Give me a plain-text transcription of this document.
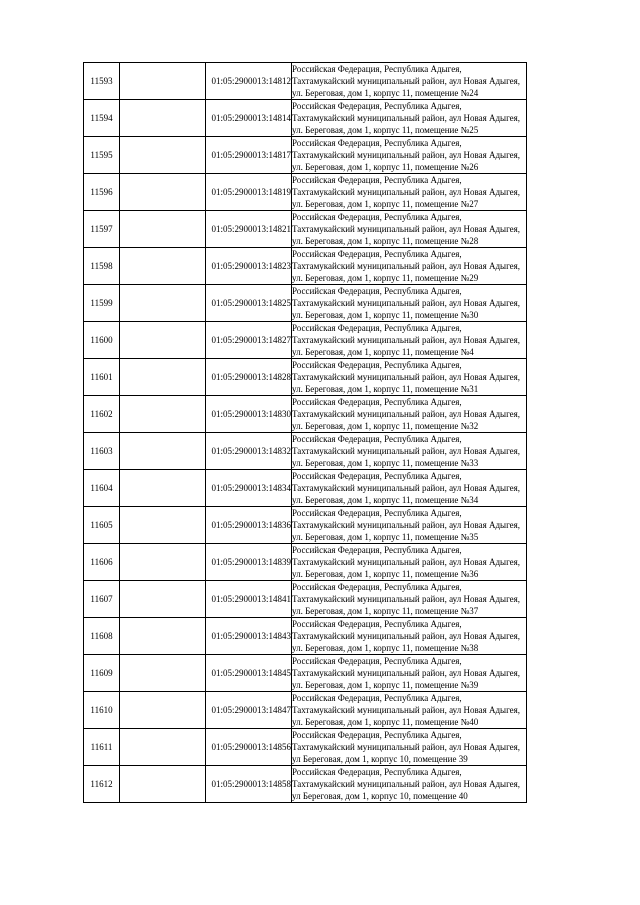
11593		01:05:2900013:14812	Российская Федерация, Республика Адыгея, Тахтамукайский муниципальный район, аул Новая Адыгея, ул. Береговая, дом 1, корпус 11, помещение №24
11594		01:05:2900013:14814	Российская Федерация, Республика Адыгея, Тахтамукайский муниципальный район, аул Новая Адыгея, ул. Береговая, дом 1, корпус 11, помещение №25
11595		01:05:2900013:14817	Российская Федерация, Республика Адыгея, Тахтамукайский муниципальный район, аул Новая Адыгея, ул. Береговая, дом 1, корпус 11, помещение №26
11596		01:05:2900013:14819	Российская Федерация, Республика Адыгея, Тахтамукайский муниципальный район, аул Новая Адыгея, ул. Береговая, дом 1, корпус 11, помещение №27
11597		01:05:2900013:14821	Российская Федерация, Республика Адыгея, Тахтамукайский муниципальный район, аул Новая Адыгея, ул. Береговая, дом 1, корпус 11, помещение №28
11598		01:05:2900013:14823	Российская Федерация, Республика Адыгея, Тахтамукайский муниципальный район, аул Новая Адыгея, ул. Береговая, дом 1, корпус 11, помещение №29
11599		01:05:2900013:14825	Российская Федерация, Республика Адыгея, Тахтамукайский муниципальный район, аул Новая Адыгея, ул. Береговая, дом 1, корпус 11, помещение №30
11600		01:05:2900013:14827	Российская Федерация, Республика Адыгея, Тахтамукайский муниципальный район, аул Новая Адыгея, ул. Береговая, дом 1, корпус 11, помещение №4
11601		01:05:2900013:14828	Российская Федерация, Республика Адыгея, Тахтамукайский муниципальный район, аул Новая Адыгея, ул. Береговая, дом 1, корпус 11, помещение №31
11602		01:05:2900013:14830	Российская Федерация, Республика Адыгея, Тахтамукайский муниципальный район, аул Новая Адыгея, ул. Береговая, дом 1, корпус 11, помещение №32
11603		01:05:2900013:14832	Российская Федерация, Республика Адыгея, Тахтамукайский муниципальный район, аул Новая Адыгея, ул. Береговая, дом 1, корпус 11, помещение №33
11604		01:05:2900013:14834	Российская Федерация, Республика Адыгея, Тахтамукайский муниципальный район, аул Новая Адыгея, ул. Береговая, дом 1, корпус 11, помещение №34
11605		01:05:2900013:14836	Российская Федерация, Республика Адыгея, Тахтамукайский муниципальный район, аул Новая Адыгея, ул. Береговая, дом 1, корпус 11, помещение №35
11606		01:05:2900013:14839	Российская Федерация, Республика Адыгея, Тахтамукайский муниципальный район, аул Новая Адыгея, ул. Береговая, дом 1, корпус 11, помещение №36
11607		01:05:2900013:14841	Российская Федерация, Республика Адыгея, Тахтамукайский муниципальный район, аул Новая Адыгея, ул. Береговая, дом 1, корпус 11, помещение №37
11608		01:05:2900013:14843	Российская Федерация, Республика Адыгея, Тахтамукайский муниципальный район, аул Новая Адыгея, ул. Береговая, дом 1, корпус 11, помещение №38
11609		01:05:2900013:14845	Российская Федерация, Республика Адыгея, Тахтамукайский муниципальный район, аул Новая Адыгея, ул. Береговая, дом 1, корпус 11, помещение №39
11610		01:05:2900013:14847	Российская Федерация, Республика Адыгея, Тахтамукайский муниципальный район, аул Новая Адыгея, ул. Береговая, дом 1, корпус 11, помещение №40
11611		01:05:2900013:14856	Российская Федерация, Республика Адыгея, Тахтамукайский муниципальный район, аул Новая Адыгея, ул Береговая, дом 1, корпус 10, помещение 39
11612		01:05:2900013:14858	Российская Федерация, Республика Адыгея, Тахтамукайский муниципальный район, аул Новая Адыгея, ул Береговая, дом 1, корпус 10, помещение 40
